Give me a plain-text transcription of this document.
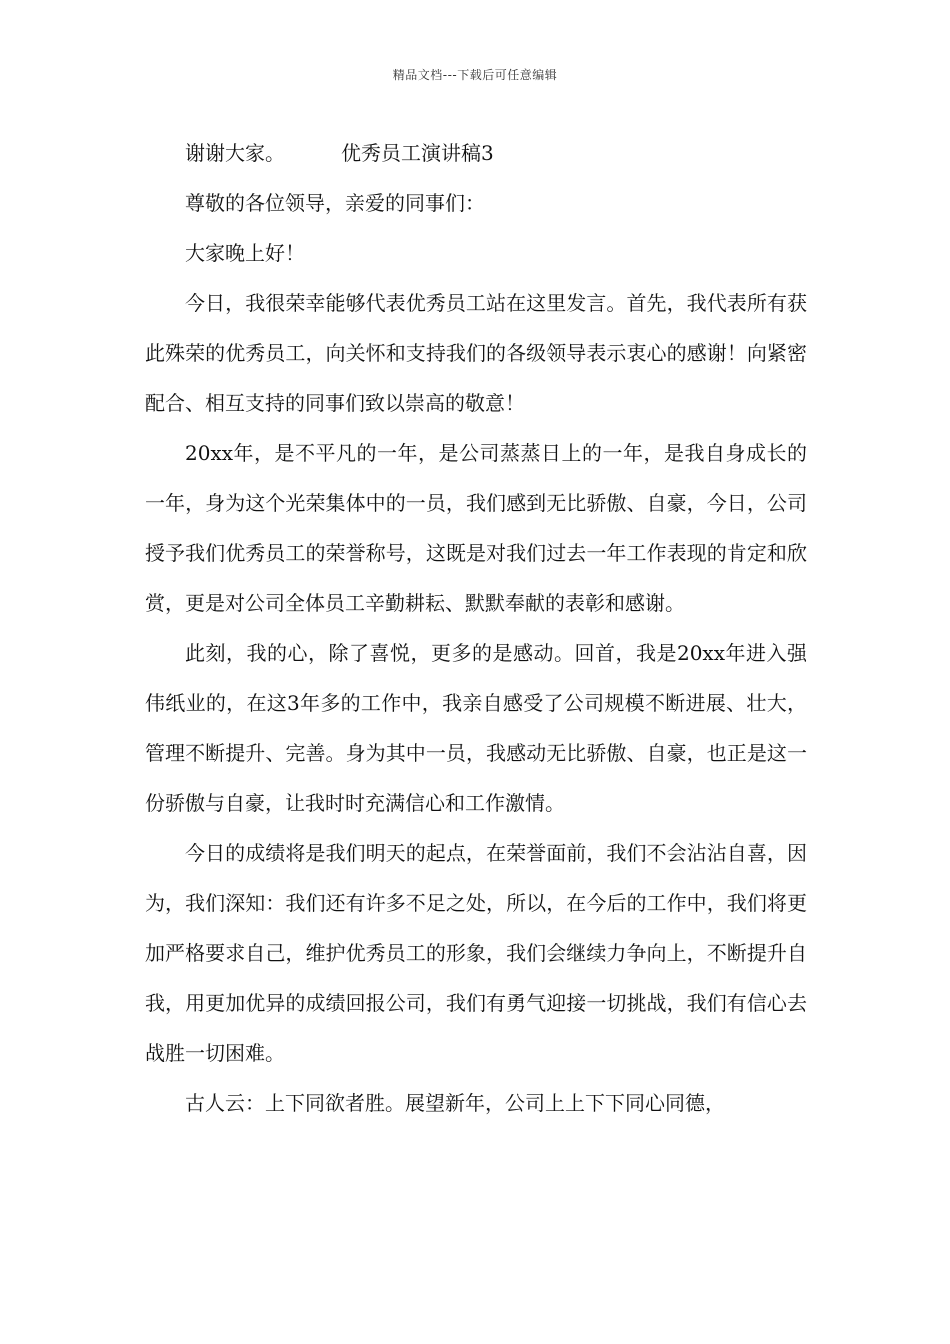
精品文档---下载后可任意编辑

谢谢大家。	优秀员工演讲稿3

尊敬的各位领导，亲爱的同事们：

大家晚上好！

今日，我很荣幸能够代表优秀员工站在这里发言。首先，我代表所有获此殊荣的优秀员工，向关怀和支持我们的各级领导表示衷心的感谢！向紧密配合、相互支持的同事们致以崇高的敬意！

20xx年，是不平凡的一年，是公司蒸蒸日上的一年，是我自身成长的一年，身为这个光荣集体中的一员，我们感到无比骄傲、自豪，今日，公司授予我们优秀员工的荣誉称号，这既是对我们过去一年工作表现的肯定和欣赏，更是对公司全体员工辛勤耕耘、默默奉献的表彰和感谢。

此刻，我的心，除了喜悦，更多的是感动。回首，我是20xx年进入强伟纸业的，在这3年多的工作中，我亲自感受了公司规模不断进展、壮大，管理不断提升、完善。身为其中一员，我感动无比骄傲、自豪，也正是这一份骄傲与自豪，让我时时充满信心和工作激情。

今日的成绩将是我们明天的起点，在荣誉面前，我们不会沾沾自喜，因为，我们深知：我们还有许多不足之处，所以，在今后的工作中，我们将更加严格要求自己，维护优秀员工的形象，我们会继续力争向上，不断提升自我，用更加优异的成绩回报公司，我们有勇气迎接一切挑战，我们有信心去战胜一切困难。

古人云：上下同欲者胜。展望新年，公司上上下下同心同德，
